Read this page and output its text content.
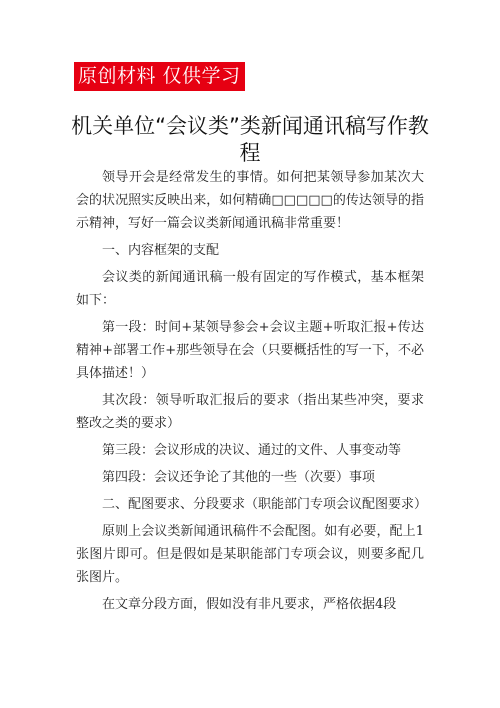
原创材料 仅供学习
机关单位“会议类”类新闻通讯稿写作教程

领导开会是经常发生的事情。如何把某领导参加某次大会的状况照实反映出来，如何精确□□□□□的传达领导的指示精神，写好一篇会议类新闻通讯稿非常重要！

一、内容框架的支配

会议类的新闻通讯稿一般有固定的写作模式，基本框架如下：

第一段：时间+某领导参会+会议主题+听取汇报+传达精神+部署工作+那些领导在会（只要概括性的写一下，不必具体描述！）

其次段：领导听取汇报后的要求（指出某些冲突，要求整改之类的要求）

第三段：会议形成的决议、通过的文件、人事变动等

第四段：会议还争论了其他的一些（次要）事项

二、配图要求、分段要求（职能部门专项会议配图要求）

原则上会议类新闻通讯稿件不会配图。如有必要，配上1张图片即可。但是假如是某职能部门专项会议，则要多配几张图片。

在文章分段方面，假如没有非凡要求，严格依据4段
